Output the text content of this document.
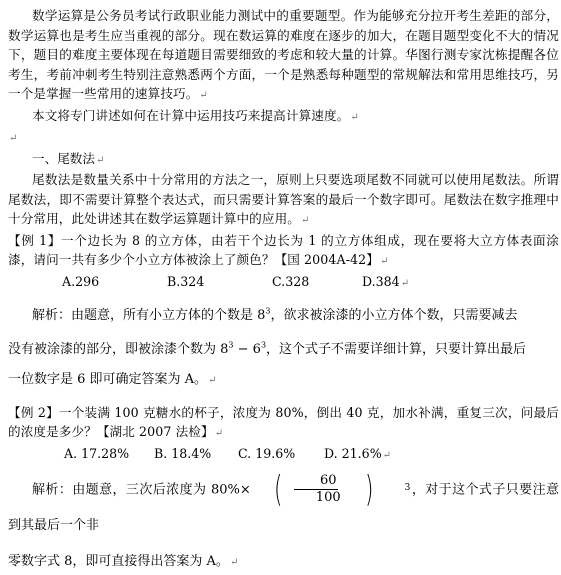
数学运算是公务员考试行政职业能力测试中的重要题型。作为能够充分拉开考生差距的部分，数学运算也是考生应当重视的部分。现在数运算的难度在逐步的加大，在题目题型变化不大的情况下，题目的难度主要体现在每道题目需要细致的考虑和较大量的计算。华图行测专家沈栋提醒各位考生，考前冲刺考生特别注意熟悉两个方面，一个是熟悉每种题型的常规解法和常用思维技巧，另一个是掌握一些常用的速算技巧。↵

本文将专门讲述如何在计算中运用技巧来提高计算速度。↵

↵

一、尾数法↵

尾数法是数量关系中十分常用的方法之一，原则上只要选项尾数不同就可以使用尾数法。所谓尾数法，即不需要计算整个表达式，而只需要计算答案的最后一个数字即可。尾数法在数字推理中十分常用，此处讲述其在数学运算题计算中的应用。↵

【例 1】一个边长为 8 的立方体，由若干个边长为 1 的立方体组成，现在要将大立方体表面涂漆，请问一共有多少个小立方体被涂上了颜色？【国 2004A-42】↵

A.296	B.324	C.328	D.384↵

解析：由题意，所有小立方体的个数是 $8^3$，欲求被涂漆的小立方体个数，只需要减去

没有被涂漆的部分，即被涂漆个数为 $8^3 - 6^3$，这个式子不需要详细计算，只要计算出最后

一位数字是 6 即可确定答案为 A。↵

【例 2】一个装满 100 克糖水的杯子，浓度为 80%，倒出 40 克，加水补满，重复三次，问最后的浓度是多少？【湖北 2007 法检】↵

A. 17.28%	B. 18.4%	C. 19.6%	D. 21.6%↵

解析：由题意，三次后浓度为 80%× ( $\frac{60}{100}$ )	3 ，对于这个式子只要注意到其最后一个非

零数字式 8，即可直接得出答案为 A。↵
